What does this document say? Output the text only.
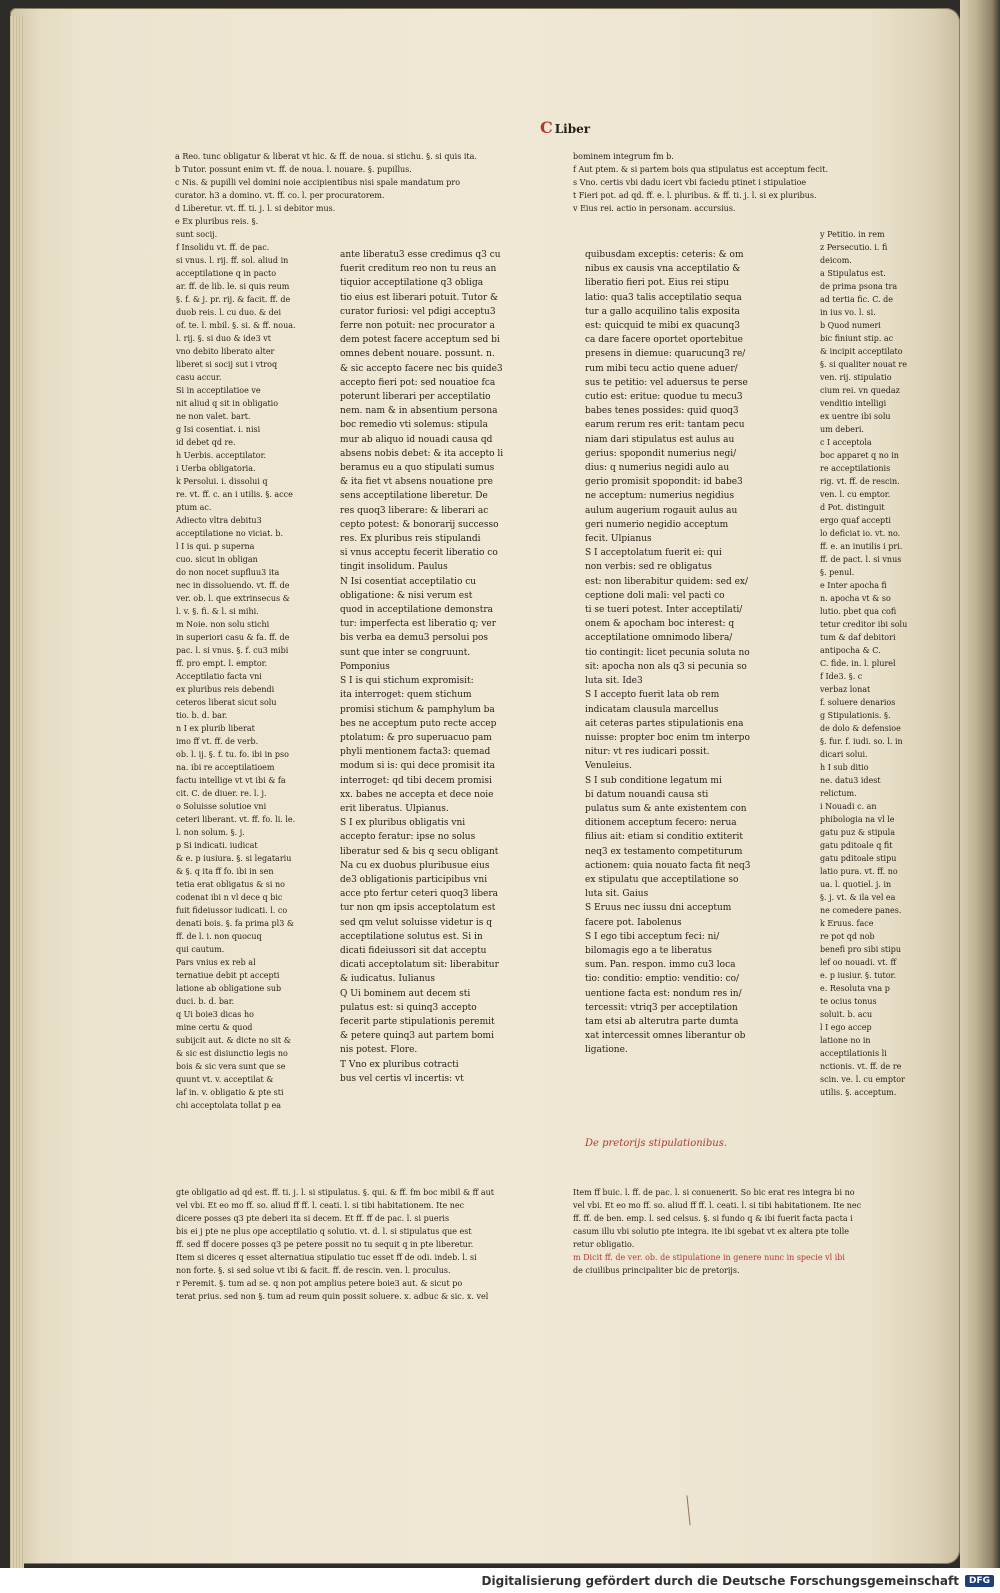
C Liber
a Reo. tunc obligatur & liberat vt hic. & ff. de noua. si stichu. §. si quis ita.
b Tutor. possunt enim vt. ff. de noua. l. nouare. §. pupillus.
c Nis. & pupilli vel domini noie accipientibus nisi spale mandatum pro
curator. h3 a domino. vt. ff. co. l. per procuratorem.
d Liberetur. vt. ff. ti. j. l. si debitor mus.
e Ex pluribus reis. §.
sunt socij.
f Insolidu vt. ff. de pac.
si vnus. l. rij. ff. sol. aliud in
acceptilatione q in pacto
ar. ff. de lib. le. si quis reum
§. f. & j. pr. rij. & facit. ff. de
duob reis. l. cu duo. & dei
of. te. l. mbil. §. si. & ff. noua.
l. rij. §. si duo & ide3 vt
vno debito liberato alter
liberet si socij sut i vtroq
casu accur.
Si in acceptilatioe ve
nit aliud q sit in obligatio
ne non valet. bart.
g Isi cosentiat. i. nisi
id debet qd re.
h Uerbis. acceptilator.
i Uerba obligatoria.
k Persolui. i. dissolui q
re. vt. ff. c. an i utilis. §. acce
ptum ac.
Adiecto vltra debitu3
acceptilatione no viciat. b.
l I is qui. p superna
cuo. sicut in obligan
do non nocet supfluu3 ita
nec in dissoluendo. vt. ff. de
ver. ob. l. que extrinsecus &
l. v. §. fi. & l. si mihi.
m Noie. non solu stichi
in superiori casu & fa. ff. de
pac. l. si vnus. §. f. cu3 mibi
ff. pro empt. l. emptor.
Acceptilatio facta vni
ex pluribus reis debendi
ceteros liberat sicut solu
tio. b. d. bar.
n I ex plurib liberat
imo ff vt. ff. de verb.
ob. l. ij. §. f. tu. fo. ibi in pso
na. ibi re acceptilatioem
factu intellige vt vt ibi & fa
cit. C. de diuer. re. l. j.
o Soluisse solutioe vni
ceteri liberant. vt. ff. fo. li. le.
l. non solum. §. j.
p Si indicati. iudicat
& e. p iusiura. §. si legatariu
& §. q ita ff fo. ibi in sen
tetia erat obligatus & si no
codenat ibi n vl dece q bic
fuit fideiussor iudicati. l. co
denati bois. §. fa prima pl3 &
ff. de l. i. non quocuq
qui cautum.
Pars vnius ex reb al
ternatiue debit pt accepti
latione ab obligatione sub
duci. b. d. bar.
q Ui boie3 dicas ho
mine certu & quod
subijcit aut. & dicte no sit &
& sic est disiunctio legis no
bois & sic vera sunt que se
quunt vt. v. acceptilat &
laf in. v. obligatio & pte sti
chi acceptolata tollat p ea
ante liberatu3 esse credimus q3 cu
fuerit creditum reo non tu reus an
tiquior acceptilatione q3 obliga
tio eius est liberari potuit. Tutor &
curator furiosi: vel pdigi acceptu3
ferre non potuit: nec procurator a
dem potest facere acceptum sed bi
omnes debent nouare. possunt. n.
& sic accepto facere nec bis quide3
accepto fieri pot: sed nouatioe fca
poterunt liberari per acceptilatio
nem. nam & in absentium persona
boc remedio vti solemus: stipula
mur ab aliquo id nouadi causa qd
absens nobis debet: & ita accepto li
beramus eu a quo stipulati sumus
& ita fiet vt absens nouatione pre
sens acceptilatione liberetur. De
res quoq3 liberare: & liberari ac
cepto potest: & bonorarij successo
res. Ex pluribus reis stipulandi
si vnus acceptu fecerit liberatio co
tingit insolidum. Paulus
N Isi cosentiat acceptilatio cu
obligatione: & nisi verum est
quod in acceptilatione demonstra
tur: imperfecta est liberatio q; ver
bis verba ea demu3 persolui pos
sunt que inter se congruunt.
Pomponius
S I is qui stichum expromisit:
ita interroget: quem stichum
promisi stichum & pamphylum ba
bes ne acceptum puto recte accep
ptolatum: & pro superuacuo pam
phyli mentionem facta3: quemad
modum si is: qui dece promisit ita
interroget: qd tibi decem promisi
xx. babes ne accepta et dece noie
erit liberatus. Ulpianus.
S I ex pluribus obligatis vni
accepto feratur: ipse no solus
liberatur sed & bis q secu obligant
Na cu ex duobus pluribusue eius
de3 obligationis participibus vni
acce pto fertur ceteri quoq3 libera
tur non qm ipsis acceptolatum est
sed qm velut soluisse videtur is q
acceptilatione solutus est. Si in
dicati fideiussori sit dat acceptu
dicati acceptolatum sit: liberabitur
& iudicatus. Iulianus
Q Ui bominem aut decem sti
pulatus est: si quinq3 accepto
fecerit parte stipulationis peremit
& petere quinq3 aut partem bomi
nis potest. Flore.
T Vno ex pluribus cotracti
bus vel certis vl incertis: vt
bominem integrum fm b.
f Aut ptem. & si partem bois qua stipulatus est acceptum fecit.
s Vno. certis vbi dadu icert vbi faciedu ptinet i stipulatioe
t Fieri pot. ad qd. ff. e. l. pluribus. & ff. ti. j. l. si ex pluribus.
v Eius rei. actio in personam. accursius.
quibusdam exceptis: ceteris: & om
nibus ex causis vna acceptilatio &
liberatio fieri pot. Eius rei stipu
latio: qua3 talis acceptilatio sequa
tur a gallo acquilino talis exposita
est: quicquid te mibi ex quacunq3
ca dare facere oportet oportebitue
presens in diemue: quarucunq3 re/
rum mibi tecu actio quene aduer/
sus te petitio: vel aduersus te perse
cutio est: eritue: quodue tu mecu3
babes tenes possides: quid quoq3
earum rerum res erit: tantam pecu
niam dari stipulatus est aulus au
gerius: spopondit numerius negi/
dius: q numerius negidi aulo au
gerio promisit spopondit: id babe3
ne acceptum: numerius negidius
aulum augerium rogauit aulus au
geri numerio negidio acceptum
fecit. Ulpianus
S I acceptolatum fuerit ei: qui
non verbis: sed re obligatus
est: non liberabitur quidem: sed ex/
ceptione doli mali: vel pacti co
ti se tueri potest. Inter acceptilati/
onem & apocham boc interest: q
acceptilatione omnimodo libera/
tio contingit: licet pecunia soluta no
sit: apocha non als q3 si pecunia so
luta sit. Ide3
S I accepto fuerit lata ob rem
indicatam clausula marcellus
ait ceteras partes stipulationis ena
nuisse: propter boc enim tm interpo
nitur: vt res iudicari possit.
Venuleius.
S I sub conditione legatum mi
bi datum nouandi causa sti
pulatus sum & ante existentem con
ditionem acceptum fecero: nerua
filius ait: etiam si conditio extiterit
neq3 ex testamento competiturum
actionem: quia nouato facta fit neq3
ex stipulatu que acceptilatione so
luta sit. Gaius
S Eruus nec iussu dni acceptum
facere pot. Iabolenus
S I ego tibi acceptum feci: ni/
bilomagis ego a te liberatus
sum. Pan. respon. immo cu3 loca
tio: conditio: emptio: venditio: co/
uentione facta est: nondum res in/
tercessit: vtriq3 per acceptilation
tam etsi ab alterutra parte dumta
xat intercessit omnes liberantur ob
ligatione.
y Petitio. in rem
z Persecutio. i. fi
deicom.
a Stipulatus est.
de prima psona tra
ad tertia fic. C. de
in ius vo. l. si.
b Quod numeri
bic finiunt stip. ac
& incipit acceptilato
§. si qualiter nouat re
ven. rij. stipulatio
cium rei. vn quedaz
venditio intelligi
ex uentre ibi solu
um deberi.
c I acceptola
boc apparet q no in
re acceptilationis
rig. vt. ff. de rescin.
ven. l. cu emptor.
d Pot. distinguit
ergo quaf accepti
lo deficiat io. vt. no.
ff. e. an inutilis i pri.
ff. de pact. l. si vnus
§. penul.
e Inter apocha fi
n. apocha vt & so
lutio. pbet qua cofi
tetur creditor ibi solu
tum & daf debitori
antipocha & C.
C. fide. in. l. plurel
f Ide3. §. c
verbaz lonat
f. soluere denarios
g Stipulationis. §.
de dolo & defensioe
§. fur. f. iudi. so. l. in
dicari solui.
h I sub ditio
ne. datu3 idest
relictum.
i Nouadi c. an
phibologia na vl le
gatu puz & stipula
gatu pditoale q fit
gatu pditoale stipu
latio pura. vt. ff. no
ua. l. quotiel. j. in
§. j. vt. & ila vel ea
ne comedere panes.
k Eruus. face
re pot qd nob
benefi pro sibi stipu
lef oo nouadi. vt. ff
e. p iusiur. §. tutor.
e. Resoluta vna p
te ocius tonus
soluit. b. acu
l I ego accep
latione no in
acceptilationis li
nctionis. vt. ff. de re
scin. ve. l. cu emptor
utilis. §. acceptum.
De pretorijs stipulationibus.
gte obligatio ad qd est. ff. ti. j. l. si stipulatus. §. qui. & ff. fm boc mibil & ff aut
vel vbi. Et eo mo ff. so. aliud ff ff. l. ceati. l. si tibi habitationem. Ite nec
dicere posses q3 pte deberi ita si decem. Et ff. ff de pac. l. si pueris
bis ei j pte ne plus ope acceptilatio q solutio. vt. d. l. si stipulatus que est
ff. sed ff docere posses q3 pe petere possit no tu sequit q in pte liberetur.
Item si diceres q esset alternatiua stipulatio tuc esset ff de odi. indeb. l. si
non forte. §. si sed solue vt ibi & facit. ff. de rescin. ven. l. proculus.
r Peremit. §. tum ad se. q non pot amplius petere boie3 aut. & sicut po
terat prius. sed non §. tum ad reum quin possit soluere. x. adbuc & sic. x. vel
Item ff buic. l. ff. de pac. l. si conuenerit. So bic erat res integra bi no
vel vbi. Et eo mo ff. so. aliud ff ff. l. ceati. l. si tibi habitationem. Ite nec
ff. ff. de ben. emp. l. sed celsus. §. si fundo q & ibi fuerit facta pacta i
casum illu vbi solutio pte integra. ite ibi sgebat vt ex altera pte tolle
retur obligatio.
m Dicit ff. de ver. ob. de stipulatione in genere nunc in specie vl ibi
de ciuilibus principaliter bic de pretorijs.
Digitalisierung gefördert durch die Deutsche Forschungsgemeinschaft	DFG
